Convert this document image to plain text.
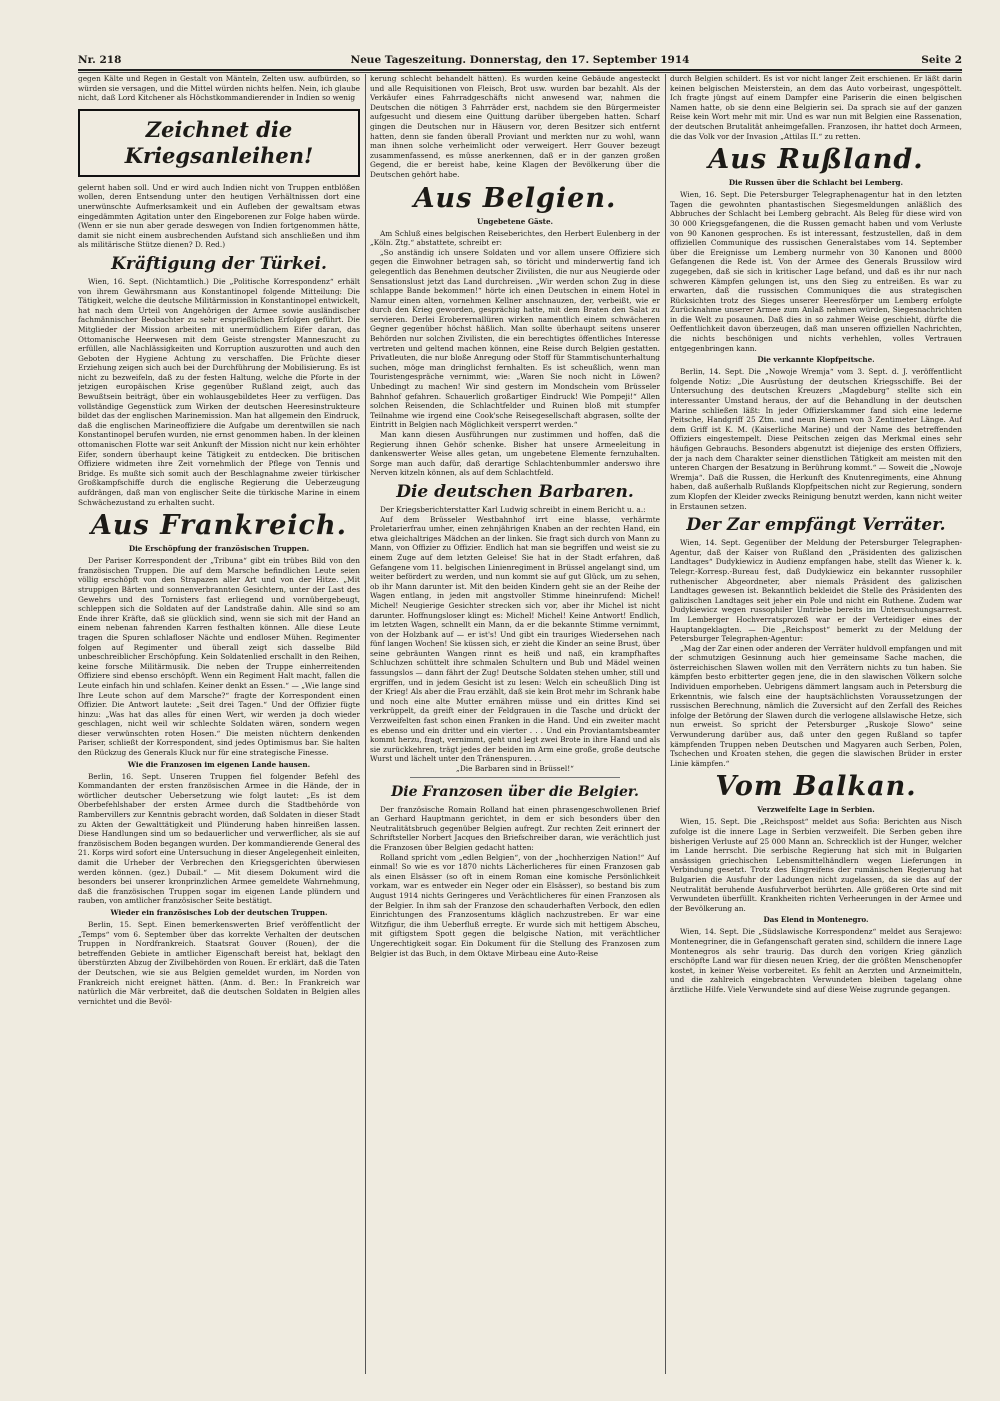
Nr. 218	Neue Tageszeitung. Donnerstag, den 17. September 1914	Seite 2

gegen Kälte und Regen in Gestalt von Mänteln, Zelten usw. aufbürden, so würden sie versagen, und die Mittel würden nichts helfen. Nein, ich glaube nicht, daß Lord Kitchener als Höchstkommandierender in Indien so wenig

Zeichnet die Kriegsanleihen!

gelernt haben soll. Und er wird auch Indien nicht von Truppen entblößen wollen, deren Entsendung unter den heutigen Verhältnissen dort eine unerwünschte Aufmerksamkeit und ein Aufleben der gewaltsam etwas eingedämmten Agitation unter den Eingeborenen zur Folge haben würde. (Wenn er sie nun aber gerade deswegen von Indien fortgenommen hätte, damit sie nicht einem ausbrechenden Aufstand sich anschließen und ihm als militärische Stütze dienen? D. Red.)

Kräftigung der Türkei.

Wien, 16. Sept. (Nichtamtlich.) Die „Politische Korrespondenz“ erhält von ihrem Gewährsmann aus Konstantinopel folgende Mitteilung: Die Tätigkeit, welche die deutsche Militärmission in Konstantinopel entwickelt, hat nach dem Urteil von Angehörigen der Armee sowie ausländischer fachmännischer Beobachter zu sehr ersprießlichen Erfolgen geführt. Die Mitglieder der Mission arbeiten mit unermüdlichem Eifer daran, das Ottomanische Heerwesen mit dem Geiste strengster Manneszucht zu erfüllen, alle Nachlässigkeiten und Korruption auszurotten und auch den Geboten der Hygiene Achtung zu verschaffen. Die Früchte dieser Erziehung zeigen sich auch bei der Durchführung der Mobilisierung. Es ist nicht zu bezweifeln, daß zu der festen Haltung, welche die Pforte in der jetzigen europäischen Krise gegenüber Rußland zeigt, auch das Bewußtsein beiträgt, über ein wohlausgebildetes Heer zu verfügen. Das vollständige Gegenstück zum Wirken der deutschen Heeresinstrukteure bildet das der englischen Marinemission. Man hat allgemein den Eindruck, daß die englischen Marineoffiziere die Aufgabe um derentwillen sie nach Konstantinopel berufen wurden, nie ernst genommen haben. In der kleinen ottomanischen Flotte war seit Ankunft der Mission nicht nur kein erhöhter Eifer, sondern überhaupt keine Tätigkeit zu entdecken. Die britischen Offiziere widmeten ihre Zeit vornehmlich der Pflege von Tennis und Bridge. Es mußte sich somit auch der Beschlagnahme zweier türkischer Großkampfschiffe durch die englische Regierung die Ueberzeugung aufdrängen, daß man von englischer Seite die türkische Marine in einem Schwächezustand zu erhalten sucht.

Aus Frankreich.
Die Erschöpfung der französischen Truppen.

Der Pariser Korrespondent der „Tribuna“ gibt ein trübes Bild von den französischen Truppen. Die auf dem Marsche befindlichen Leute seien völlig erschöpft von den Strapazen aller Art und von der Hitze. „Mit struppigen Bärten und sonnenverbrannten Gesichtern, unter der Last des Gewehrs und des Tornisters fast erliegend und vornübergebeugt, schleppen sich die Soldaten auf der Landstraße dahin. Alle sind so am Ende ihrer Kräfte, daß sie glücklich sind, wenn sie sich mit der Hand an einem nebenan fahrenden Karren festhalten können. Alle diese Leute tragen die Spuren schlafloser Nächte und endloser Mühen. Regimenter folgen auf Regimenter und überall zeigt sich dasselbe Bild unbeschreiblicher Erschöpfung. Kein Soldatenlied erschallt in den Reihen, keine forsche Militärmusik. Die neben der Truppe einherreitenden Offiziere sind ebenso erschöpft. Wenn ein Regiment Halt macht, fallen die Leute einfach hin und schlafen. Keiner denkt an Essen.“ — „Wie lange sind Ihre Leute schon auf dem Marsche?“ fragte der Korrespondent einen Offizier. Die Antwort lautete: „Seit drei Tagen.“ Und der Offizier fügte hinzu: „Was hat das alles für einen Wert, wir werden ja doch wieder geschlagen, nicht weil wir schlechte Soldaten wären, sondern wegen dieser verwünschten roten Hosen.“ Die meisten nüchtern denkenden Pariser, schließt der Korrespondent, sind jedes Optimismus bar. Sie halten den Rückzug des Generals Kluck nur für eine strategische Finesse.

Wie die Franzosen im eigenen Lande hausen.

Berlin, 16. Sept. Unseren Truppen fiel folgender Befehl des Kommandanten der ersten französischen Armee in die Hände, der in wörtlicher deutscher Uebersetzung wie folgt lautet: „Es ist dem Oberbefehlshaber der ersten Armee durch die Stadtbehörde von Rambervillers zur Kenntnis gebracht worden, daß Soldaten in dieser Stadt zu Akten der Gewalttätigkeit und Plünderung haben hinreißen lassen. Diese Handlungen sind um so bedauerlicher und verwerflicher, als sie auf französischem Boden begangen wurden. Der kommandierende General des 21. Korps wird sofort eine Untersuchung in dieser Angelegenheit einleiten, damit die Urheber der Verbrechen den Kriegsgerichten überwiesen werden können. (gez.) Dubail.“ — Mit diesem Dokument wird die besonders bei unserer kronprinzlichen Armee gemeldete Wahrnehmung, daß die französischen Truppen sogar im eigenen Lande plündern und rauben, von amtlicher französischer Seite bestätigt.

Wieder ein französisches Lob der deutschen Truppen.

Berlin, 15. Sept. Einen bemerkenswerten Brief veröffentlicht der „Temps“ vom 6. September über das korrekte Verhalten der deutschen Truppen in Nordfrankreich. Staatsrat Gouver (Rouen), der die betreffenden Gebiete in amtlicher Eigenschaft bereist hat, beklagt den überstürzten Abzug der Zivilbehörden von Rouen. Er erklärt, daß die Taten der Deutschen, wie sie aus Belgien gemeldet wurden, im Norden von Frankreich nicht ereignet hätten. (Anm. d. Ber.: In Frankreich war natürlich die Mär verbreitet, daß die deutschen Soldaten in Belgien alles vernichtet und die Bevöl-

kerung schlecht behandelt hätten). Es wurden keine Gebäude angesteckt und alle Requisitionen von Fleisch, Brot usw. wurden bar bezahlt. Als der Verkäufer eines Fahrradgeschäfts nicht anwesend war, nahmen die Deutschen die nötigen 3 Fahrräder erst, nachdem sie den Bürgermeister aufgesucht und diesem eine Quittung darüber übergeben hatten. Scharf gingen die Deutschen nur in Häusern vor, deren Besitzer sich entfernt hatten, denn sie fanden überall Proviant und merkten nur zu wohl, wann man ihnen solche verheimlicht oder verweigert. Herr Gouver bezeugt zusammenfassend, es müsse anerkennen, daß er in der ganzen großen Gegend, die er bereist habe, keine Klagen der Bevölkerung über die Deutschen gehört habe.

Aus Belgien.
Ungebetene Gäste.

Am Schluß eines belgischen Reiseberichtes, den Herbert Eulenberg in der „Köln. Ztg.“ abstattete, schreibt er:

„So anständig ich unsere Soldaten und vor allem unsere Offiziere sich gegen die Einwohner betragen sah, so töricht und minderwertig fand ich gelegentlich das Benehmen deutscher Zivilisten, die nur aus Neugierde oder Sensationslust jetzt das Land durchreisen. „Wir werden schon Zug in diese schlappe Bande bekommen!“ hörte ich einen Deutschen in einem Hotel in Namur einen alten, vornehmen Kellner anschnauzen, der, verbeißt, wie er durch den Krieg geworden, gesprächig hatte, mit dem Braten den Salat zu servieren. Derlei Eroberernallüren wirken namentlich einem schwächeren Gegner gegenüber höchst häßlich. Man sollte überhaupt seitens unserer Behörden nur solchen Zivilisten, die ein berechtigtes öffentliches Interesse vertreten und geltend machen können, eine Reise durch Belgien gestatten. Privatleuten, die nur bloße Anregung oder Stoff für Stammtischunterhaltung suchen, möge man dringlichst fernhalten. Es ist scheußlich, wenn man Touristengespräche vernimmt, wie: „Waren Sie noch nicht in Löwen? Unbedingt zu machen! Wir sind gestern im Mondschein vom Brüsseler Bahnhof gefahren. Schauerlich großartiger Eindruck! Wie Pompeji!“ Allen solchen Reisenden, die Schlachtfelder und Ruinen bloß mit stumpfer Teilnahme wie irgend eine Cook'sche Reisegesellschaft abgrasen, sollte der Eintritt in Belgien nach Möglichkeit versperrt werden.“

Man kann diesen Ausführungen nur zustimmen und hoffen, daß die Regierung ihnen Gehör schenke. Bisher hat unsere Armeeleitung in dankenswerter Weise alles getan, um ungebetene Elemente fernzuhalten. Sorge man auch dafür, daß derartige Schlachtenbummler anderswo ihre Nerven kitzeln können, als auf dem Schlachtfeld.

Die deutschen Barbaren.

Der Kriegsberichterstatter Karl Ludwig schreibt in einem Bericht u. a.:

Auf dem Brüsseler Westbahnhof irrt eine blasse, verhärmte Proletarierfrau umher, einen zehnjährigen Knaben an der rechten Hand, ein etwa gleichaltriges Mädchen an der linken. Sie fragt sich durch von Mann zu Mann, von Offizier zu Offizier. Endlich hat man sie begriffen und weist sie zu einem Zuge auf dem letzten Geleise! Sie hat in der Stadt erfahren, daß Gefangene vom 11. belgischen Linienregiment in Brüssel angelangt sind, um weiter befördert zu werden, und nun kommt sie auf gut Glück, um zu sehen, ob ihr Mann darunter ist. Mit den beiden Kindern geht sie an der Reihe der Wagen entlang, in jeden mit angstvoller Stimme hineinrufend: Michel! Michel! Neugierige Gesichter strecken sich vor, aber ihr Michel ist nicht darunter. Hoffnungsloser klingt es: Michel! Michel! Keine Antwort! Endlich, im letzten Wagen, schnellt ein Mann, da er die bekannte Stimme vernimmt, von der Holzbank auf — er ist's! Und gibt ein trauriges Wiedersehen nach fünf langen Wochen! Sie küssen sich, er zieht die Kinder an seine Brust, über seine gebräunten Wangen rinnt es heiß und naß, ein krampfhaftes Schluchzen schüttelt ihre schmalen Schultern und Bub und Mädel weinen fassungslos — dann fährt der Zug! Deutsche Soldaten stehen umher, still und ergriffen, und in jedem Gesicht ist zu lesen: Welch ein scheußlich Ding ist der Krieg! Als aber die Frau erzählt, daß sie kein Brot mehr im Schrank habe und noch eine alte Mutter ernähren müsse und ein drittes Kind sei verkrüppelt, da greift einer der Feldgrauen in die Tasche und drückt der Verzweifelten fast schon einen Franken in die Hand. Und ein zweiter macht es ebenso und ein dritter und ein vierter . . . Und ein Proviantamtsbeamter kommt herzu, fragt, vernimmt, geht und legt zwei Brote in ihre Hand und als sie zurückkehren, trägt jedes der beiden im Arm eine große, große deutsche Wurst und lächelt unter den Tränenspuren. . .

„Die Barbaren sind in Brüssel!“

Die Franzosen über die Belgier.

Der französische Romain Rolland hat einen phrasengeschwollenen Brief an Gerhard Hauptmann gerichtet, in dem er sich besonders über den Neutralitätsbruch gegenüber Belgien aufregt. Zur rechten Zeit erinnert der Schriftsteller Norbert Jacques den Briefschreiber daran, wie verächtlich just die Franzosen über Belgien gedacht hatten:

Rolland spricht vom „edlen Belgien“, von der „hochherzigen Nation!“ Auf einmal! So wie es vor 1870 nichts Lächerlicheres für einen Franzosen gab als einen Elsässer (so oft in einem Roman eine komische Persönlichkeit vorkam, war es entweder ein Neger oder ein Elsässer), so bestand bis zum August 1914 nichts Geringeres und Verächtlicheres für einen Franzosen als der Belgier. In ihm sah der Franzose den schauderhaften Verbock, den edlen Einrichtungen des Franzosentums kläglich nachzustreben. Er war eine Witzfigur, die ihm Ueberfluß erregte. Er wurde sich mit hettigem Abscheu, mit giftigstem Spott gegen die belgische Nation, mit verächtlicher Ungerechtigkeit sogar. Ein Dokument für die Stellung des Franzosen zum Belgier ist das Buch, in dem Oktave Mirbeau eine Auto-Reise

durch Belgien schildert. Es ist vor nicht langer Zeit erschienen. Er läßt darin keinen belgischen Meisterstein, an dem das Auto vorbeirast, ungespöttelt. Ich fragte jüngst auf einem Dampfer eine Pariserin die einen belgischen Namen hatte, ob sie denn eine Belgierin sei. Da sprach sie auf der ganzen Reise kein Wort mehr mit mir. Und es war nun mit Belgien eine Rassenation, der deutschen Brutalität anheimgefallen. Franzosen, ihr hattet doch Armeen, die das Volk vor der Invasion „Attilas II.“ zu retten.

Aus Rußland.
Die Russen über die Schlacht bei Lemberg.

Wien, 16. Sept. Die Petersburger Telegraphenagentur hat in den letzten Tagen die gewohnten phantastischen Siegesmeldungen anläßlich des Abbruches der Schlacht bei Lemberg gebracht. Als Beleg für diese wird von 30 000 Kriegsgefangenen, die die Russen gemacht haben und vom Verluste von 90 Kanonen gesprochen. Es ist interessant, festzustellen, daß in dem offiziellen Communique des russischen Generalstabes vom 14. September über die Ereignisse um Lemberg nurmehr von 30 Kanonen und 8000 Gefangenen die Rede ist. Von der Armee des Generals Brussilow wird zugegeben, daß sie sich in kritischer Lage befand, und daß es ihr nur nach schweren Kämpfen gelungen ist, uns den Sieg zu entreißen. Es war zu erwarten, daß die russischen Communiques die aus strategischen Rücksichten trotz des Sieges unserer Heeresförper um Lemberg erfolgte Zurücknahme unserer Armee zum Anlaß nehmen würden, Siegesnachrichten in die Welt zu posaunen. Daß dies in so zahmer Weise geschieht, dürfte die Oeffentlichkeit davon überzeugen, daß man unseren offiziellen Nachrichten, die nichts beschönigen und nichts verhehlen, volles Vertrauen entgegenbringen kann.

Die verkannte Klopfpeitsche.

Berlin, 14. Sept. Die „Nowoje Wremja“ vom 3. Sept. d. J. veröffentlicht folgende Notiz: „Die Ausrüstung der deutschen Kriegsschiffe. Bei der Untersuchung des deutschen Kreuzers „Magdeburg“ stellte sich ein interessanter Umstand heraus, der auf die Behandlung in der deutschen Marine schließen läßt: In jeder Offizierskammer fand sich eine lederne Peitsche, Handgriff 25 Ztm. und neun Riemen von 3 Zentimeter Länge. Auf dem Griff ist K. M. (Kaiserliche Marine) und der Name des betreffenden Offiziers eingestempelt. Diese Peitschen zeigen das Merkmal eines sehr häufigen Gebrauchs. Besonders abgenutzt ist diejenige des ersten Offiziers, der ja nach dem Charakter seiner dienstlichen Tätigkeit am meisten mit den unteren Chargen der Besatzung in Berührung kommt.“ — Soweit die „Nowoje Wremja“. Daß die Russen, die Herkunft des Knutenregiments, eine Ahnung haben, daß außerhalb Rußlands Klopfpeitschen nicht zur Regierung, sondern zum Klopfen der Kleider zwecks Reinigung benutzt werden, kann nicht weiter in Erstaunen setzen.

Der Zar empfängt Verräter.

Wien, 14. Sept. Gegenüber der Meldung der Petersburger Telegraphen-Agentur, daß der Kaiser von Rußland den „Präsidenten des galizischen Landtages“ Dudykiewicz in Audienz empfangen habe, stellt das Wiener k. k. Telegr.-Korresp.-Bureau fest, daß Dudykiewicz ein bekannter russophiler ruthenischer Abgeordneter, aber niemals Präsident des galizischen Landtages gewesen ist. Bekanntlich bekleidet die Stelle des Präsidenten des galizischen Landtages seit jeher ein Pole und nicht ein Ruthene. Zudem war Dudykiewicz wegen russophiler Umtriebe bereits im Untersuchungsarrest. Im Lemberger Hochverratsprozeß war er der Verteidiger eines der Hauptangeklagten. — Die „Reichspost“ bemerkt zu der Meldung der Petersburger Telegraphen-Agentur:

„Mag der Zar einen oder anderen der Verräter huldvoll empfangen und mit der schmutzigen Gesinnung auch hier gemeinsame Sache machen, die österreichischen Slawen wollen mit den Verrätern nichts zu tun haben. Sie kämpfen besto erbitterter gegen jene, die in den slawischen Völkern solche Individuen emporheben. Uebrigens dämmert langsam auch in Petersburg die Erkenntnis, wie falsch eine der hauptsächlichsten Voraussetzungen der russischen Berechnung, nämlich die Zuversicht auf den Zerfall des Reiches infolge der Betörung der Slawen durch die verlogene allslawische Hetze, sich nun erweist. So spricht der Petersburger „Ruskoje Slowo“ seine Verwunderung darüber aus, daß unter den gegen Rußland so tapfer kämpfenden Truppen neben Deutschen und Magyaren auch Serben, Polen, Tschechen und Kroaten stehen, die gegen die slawischen Brüder in erster Linie kämpfen.“

Vom Balkan.
Verzweifelte Lage in Serbien.

Wien, 15. Sept. Die „Reichspost“ meldet aus Sofia: Berichten aus Nisch zufolge ist die innere Lage in Serbien verzweifelt. Die Serben geben ihre bisherigen Verluste auf 25 000 Mann an. Schrecklich ist der Hunger, welcher im Lande herrscht. Die serbische Regierung hat sich mit in Bulgarien ansässigen griechischen Lebensmittelhändlern wegen Lieferungen in Verbindung gesetzt. Trotz des Eingreifens der rumänischen Regierung hat Bulgarien die Ausfuhr der Ladungen nicht zugelassen, da sie das auf der Neutralität beruhende Ausfuhrverbot berührten. Alle größeren Orte sind mit Verwundeten überfüllt. Krankheiten richten Verheerungen in der Armee und der Bevölkerung an.

Das Elend in Montenegro.

Wien, 14. Sept. Die „Südslawische Korrespondenz“ meldet aus Serajewo: Montenegriner, die in Gefangenschaft geraten sind, schildern die innere Lage Montenegros als sehr traurig. Das durch den vorigen Krieg gänzlich erschöpfte Land war für diesen neuen Krieg, der die größten Menschenopfer kostet, in keiner Weise vorbereitet. Es fehlt an Aerzten und Arzneimitteln, und die zahlreich eingebrachten Verwundeten bleiben tagelang ohne ärztliche Hilfe. Viele Verwundete sind auf diese Weise zugrunde gegangen.
